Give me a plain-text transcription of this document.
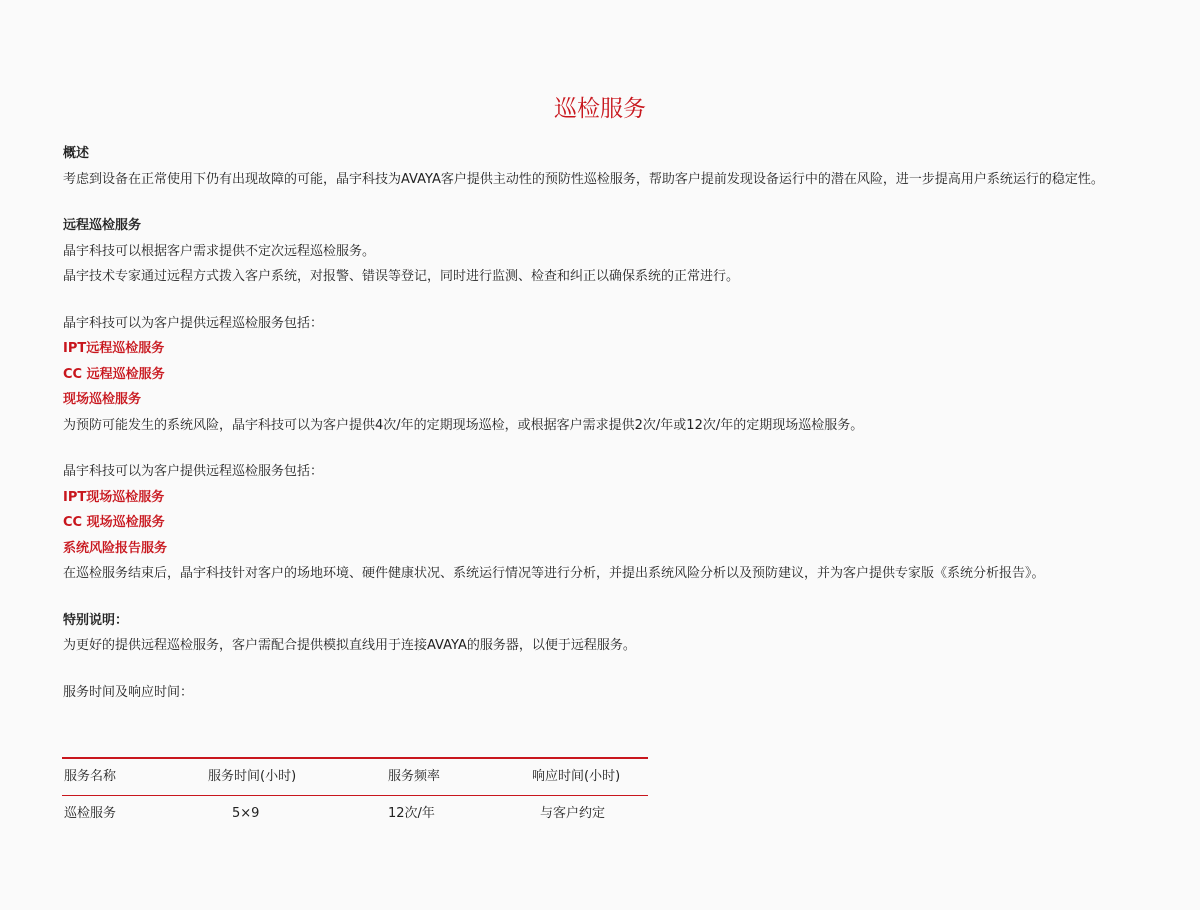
巡检服务
概述
考虑到设备在正常使用下仍有出现故障的可能，晶宇科技为AVAYA客户提供主动性的预防性巡检服务，帮助客户提前发现设备运行中的潜在风险，进一步提高用户系统运行的稳定性。
远程巡检服务
晶宇科技可以根据客户需求提供不定次远程巡检服务。
晶宇技术专家通过远程方式拨入客户系统，对报警、错误等登记，同时进行监测、检查和纠正以确保系统的正常进行。
晶宇科技可以为客户提供远程巡检服务包括：
IPT远程巡检服务
CC 远程巡检服务
现场巡检服务
为预防可能发生的系统风险，晶宇科技可以为客户提供4次/年的定期现场巡检，或根据客户需求提供2次/年或12次/年的定期现场巡检服务。
晶宇科技可以为客户提供远程巡检服务包括：
IPT现场巡检服务
CC 现场巡检服务
系统风险报告服务
在巡检服务结束后，晶宇科技针对客户的场地环境、硬件健康状况、系统运行情况等进行分析，并提出系统风险分析以及预防建议，并为客户提供专家版《系统分析报告》。
特别说明：
为更好的提供远程巡检服务，客户需配合提供模拟直线用于连接AVAYA的服务器，以便于远程服务。
服务时间及响应时间：
服务名称	服务时间(小时)	服务频率	响应时间(小时)
巡检服务	5×9	12次/年	与客户约定
